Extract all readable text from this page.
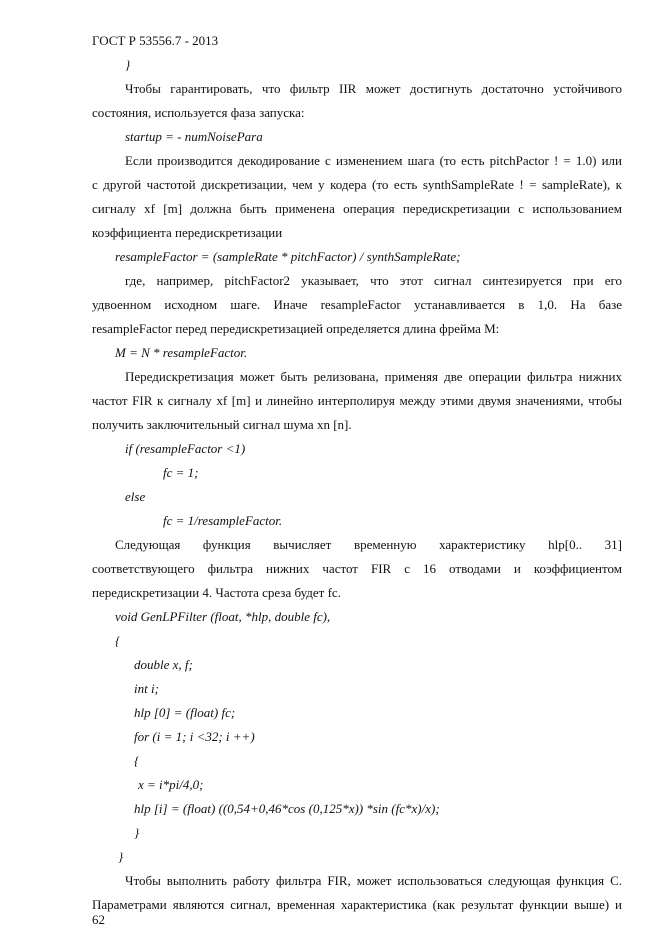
ГОСТ Р 53556.7 - 2013
}
Чтобы гарантировать, что фильтр IIR может достигнуть достаточно устойчивого
состояния, используется фаза запуска:
startup = - numNoisePara
Если производится декодирование с изменением шага (то есть pitchPactor ! = 1.0) или
с другой частотой дискретизации, чем у кодера (то есть synthSampleRate ! = sampleRate), к
сигналу xf [m] должна быть применена операция передискретизации с использованием
коэффициента передискретизации
resampleFactor = (sampleRate * pitchFactor) / synthSampleRate;
где, например, pitchFactor2 указывает, что этот сигнал синтезируется при его
удвоенном исходном шаге. Иначе resampleFactor устанавливается в 1,0. На базе
resampleFactor перед передискретизацией определяется длина фрейма M:
M = N * resampleFactor.
Передискретизация может быть релизована, применяя две операции фильтра нижних
частот FIR к сигналу xf [m] и линейно интерполируя между этими двумя значениями, чтобы
получить заключительный сигнал шума xn [n].
if (resampleFactor <1)
fc = 1;
else
fc = 1/resampleFactor.
Следующая функция вычисляет временную характеристику hlp[0.. 31]
соответствующего фильтра нижних частот FIR с 16 отводами и коэффициентом
передискретизации 4. Частота среза будет fc.
void GenLPFilter (float, *hlp, double fc),
{
double x, f;
int i;
hlp [0] = (float) fc;
for (i = 1; i <32; i ++)
{
x = i*pi/4,0;
hlp [i] = (float) ((0,54+0,46*cos (0,125*x)) *sin (fc*x)/x);
}
}
Чтобы выполнить работу фильтра FIR, может использоваться следующая функция C.
Параметрами являются сигнал, временная характеристика (как результат функции выше) и
62
